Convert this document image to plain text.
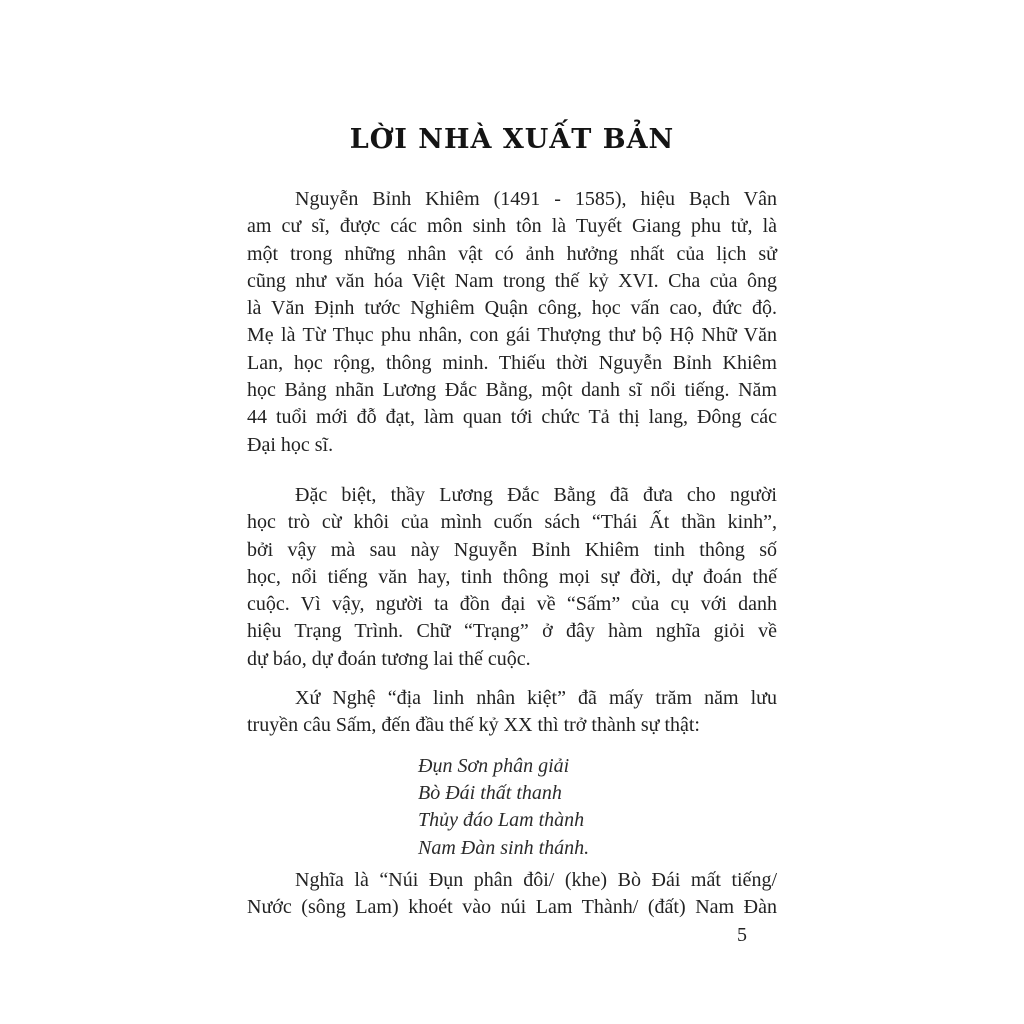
LỜI NHÀ XUẤT BẢN
Nguyễn Bỉnh Khiêm (1491 - 1585), hiệu Bạch Vân
am cư sĩ, được các môn sinh tôn là Tuyết Giang phu tử, là
một trong những nhân vật có ảnh hưởng nhất của lịch sử
cũng như văn hóa Việt Nam trong thế kỷ XVI. Cha của ông
là Văn Định tước Nghiêm Quận công, học vấn cao, đức độ.
Mẹ là Từ Thục phu nhân, con gái Thượng thư bộ Hộ Nhữ Văn
Lan, học rộng, thông minh. Thiếu thời Nguyễn Bỉnh Khiêm
học Bảng nhãn Lương Đắc Bằng, một danh sĩ nổi tiếng. Năm
44 tuổi mới đỗ đạt, làm quan tới chức Tả thị lang, Đông các
Đại học sĩ.
Đặc biệt, thầy Lương Đắc Bằng đã đưa cho người
học trò cừ khôi của mình cuốn sách “Thái Ất thần kinh”,
bởi vậy mà sau này Nguyễn Bỉnh Khiêm tinh thông số
học, nổi tiếng văn hay, tinh thông mọi sự đời, dự đoán thế
cuộc. Vì vậy, người ta đồn đại về “Sấm” của cụ với danh
hiệu Trạng Trình. Chữ “Trạng” ở đây hàm nghĩa giỏi về
dự báo, dự đoán tương lai thế cuộc.
Xứ Nghệ “địa linh nhân kiệt” đã mấy trăm năm lưu
truyền câu Sấm, đến đầu thế kỷ XX thì trở thành sự thật:
Đụn Sơn phân giải
Bò Đái thất thanh
Thủy đáo Lam thành
Nam Đàn sinh thánh.
Nghĩa là “Núi Đụn phân đôi/ (khe) Bò Đái mất tiếng/
Nước (sông Lam) khoét vào núi Lam Thành/ (đất) Nam Đàn
5
